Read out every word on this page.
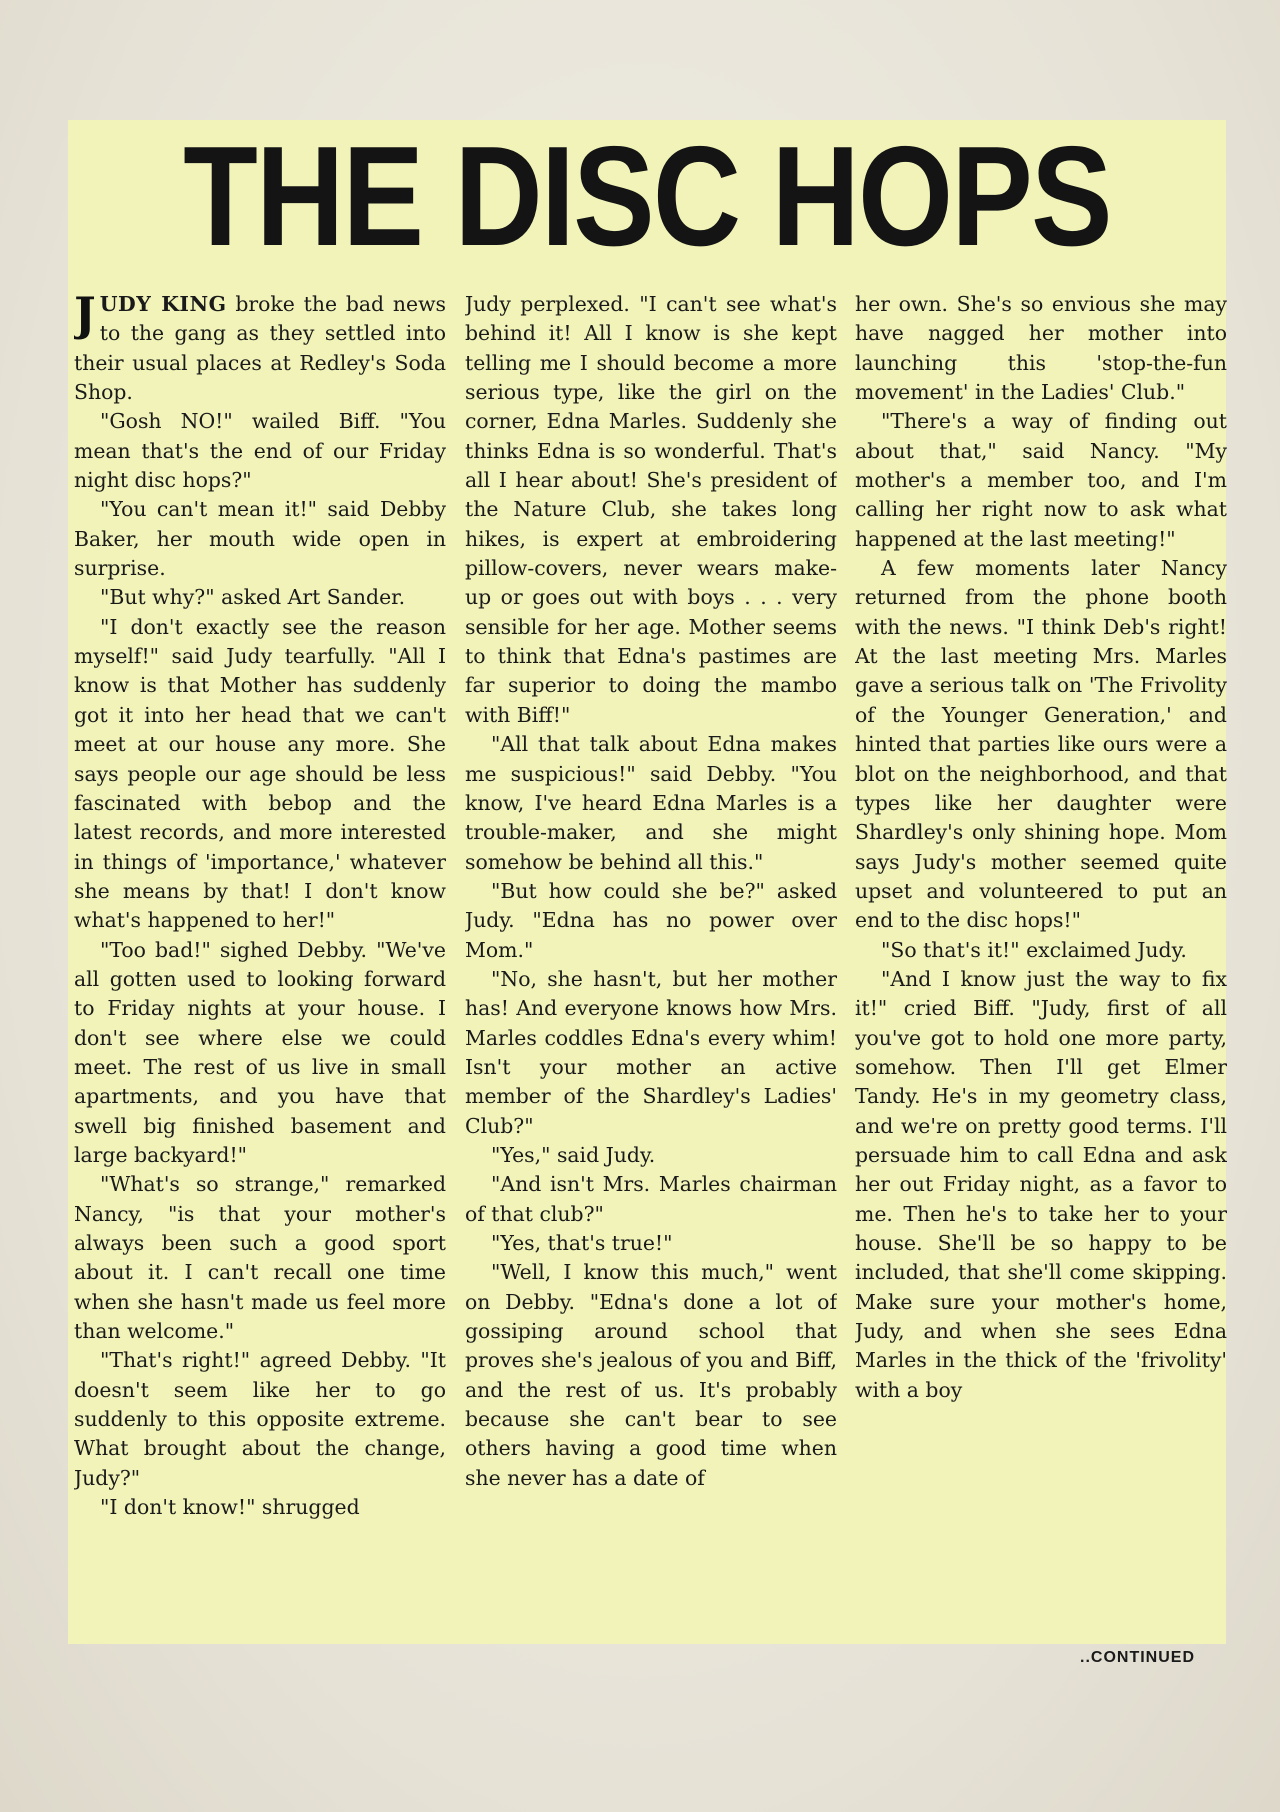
THE DISC HOPS

JUDY KING broke the bad news to the gang as they settled into their usual places at Redley's Soda Shop.

"Gosh NO!" wailed Biff. "You mean that's the end of our Friday night disc hops?"

"You can't mean it!" said Debby Baker, her mouth wide open in surprise.

"But why?" asked Art Sander.

"I don't exactly see the reason myself!" said Judy tearfully. "All I know is that Mother has suddenly got it into her head that we can't meet at our house any more. She says people our age should be less fascinated with bebop and the latest records, and more interested in things of 'importance,' whatever she means by that! I don't know what's happened to her!"

"Too bad!" sighed Debby. "We've all gotten used to looking forward to Friday nights at your house. I don't see where else we could meet. The rest of us live in small apartments, and you have that swell big finished basement and large backyard!"

"What's so strange," remarked Nancy, "is that your mother's always been such a good sport about it. I can't recall one time when she hasn't made us feel more than welcome."

"That's right!" agreed Debby. "It doesn't seem like her to go suddenly to this opposite extreme. What brought about the change, Judy?"

"I don't know!" shrugged

Judy perplexed. "I can't see what's behind it! All I know is she kept telling me I should become a more serious type, like the girl on the corner, Edna Marles. Suddenly she thinks Edna is so wonderful. That's all I hear about! She's president of the Nature Club, she takes long hikes, is expert at embroidering pillow-covers, never wears make-up or goes out with boys . . . very sensible for her age. Mother seems to think that Edna's pastimes are far superior to doing the mambo with Biff!"

"All that talk about Edna makes me suspicious!" said Debby. "You know, I've heard Edna Marles is a trouble-maker, and she might somehow be behind all this."

"But how could she be?" asked Judy. "Edna has no power over Mom."

"No, she hasn't, but her mother has! And everyone knows how Mrs. Marles coddles Edna's every whim! Isn't your mother an active member of the Shardley's Ladies' Club?"

"Yes," said Judy.

"And isn't Mrs. Marles chairman of that club?"

"Yes, that's true!"

"Well, I know this much," went on Debby. "Edna's done a lot of gossiping around school that proves she's jealous of you and Biff, and the rest of us. It's probably because she can't bear to see others having a good time when she never has a date of

her own. She's so envious she may have nagged her mother into launching this 'stop-the-fun movement' in the Ladies' Club."

"There's a way of finding out about that," said Nancy. "My mother's a member too, and I'm calling her right now to ask what happened at the last meeting!"

A few moments later Nancy returned from the phone booth with the news. "I think Deb's right! At the last meeting Mrs. Marles gave a serious talk on 'The Frivolity of the Younger Generation,' and hinted that parties like ours were a blot on the neighborhood, and that types like her daughter were Shardley's only shining hope. Mom says Judy's mother seemed quite upset and volunteered to put an end to the disc hops!"

"So that's it!" exclaimed Judy.

"And I know just the way to fix it!" cried Biff. "Judy, first of all you've got to hold one more party, somehow. Then I'll get Elmer Tandy. He's in my geometry class, and we're on pretty good terms. I'll persuade him to call Edna and ask her out Friday night, as a favor to me. Then he's to take her to your house. She'll be so happy to be included, that she'll come skipping. Make sure your mother's home, Judy, and when she sees Edna Marles in the thick of the 'frivolity' with a boy

..CONTINUED
